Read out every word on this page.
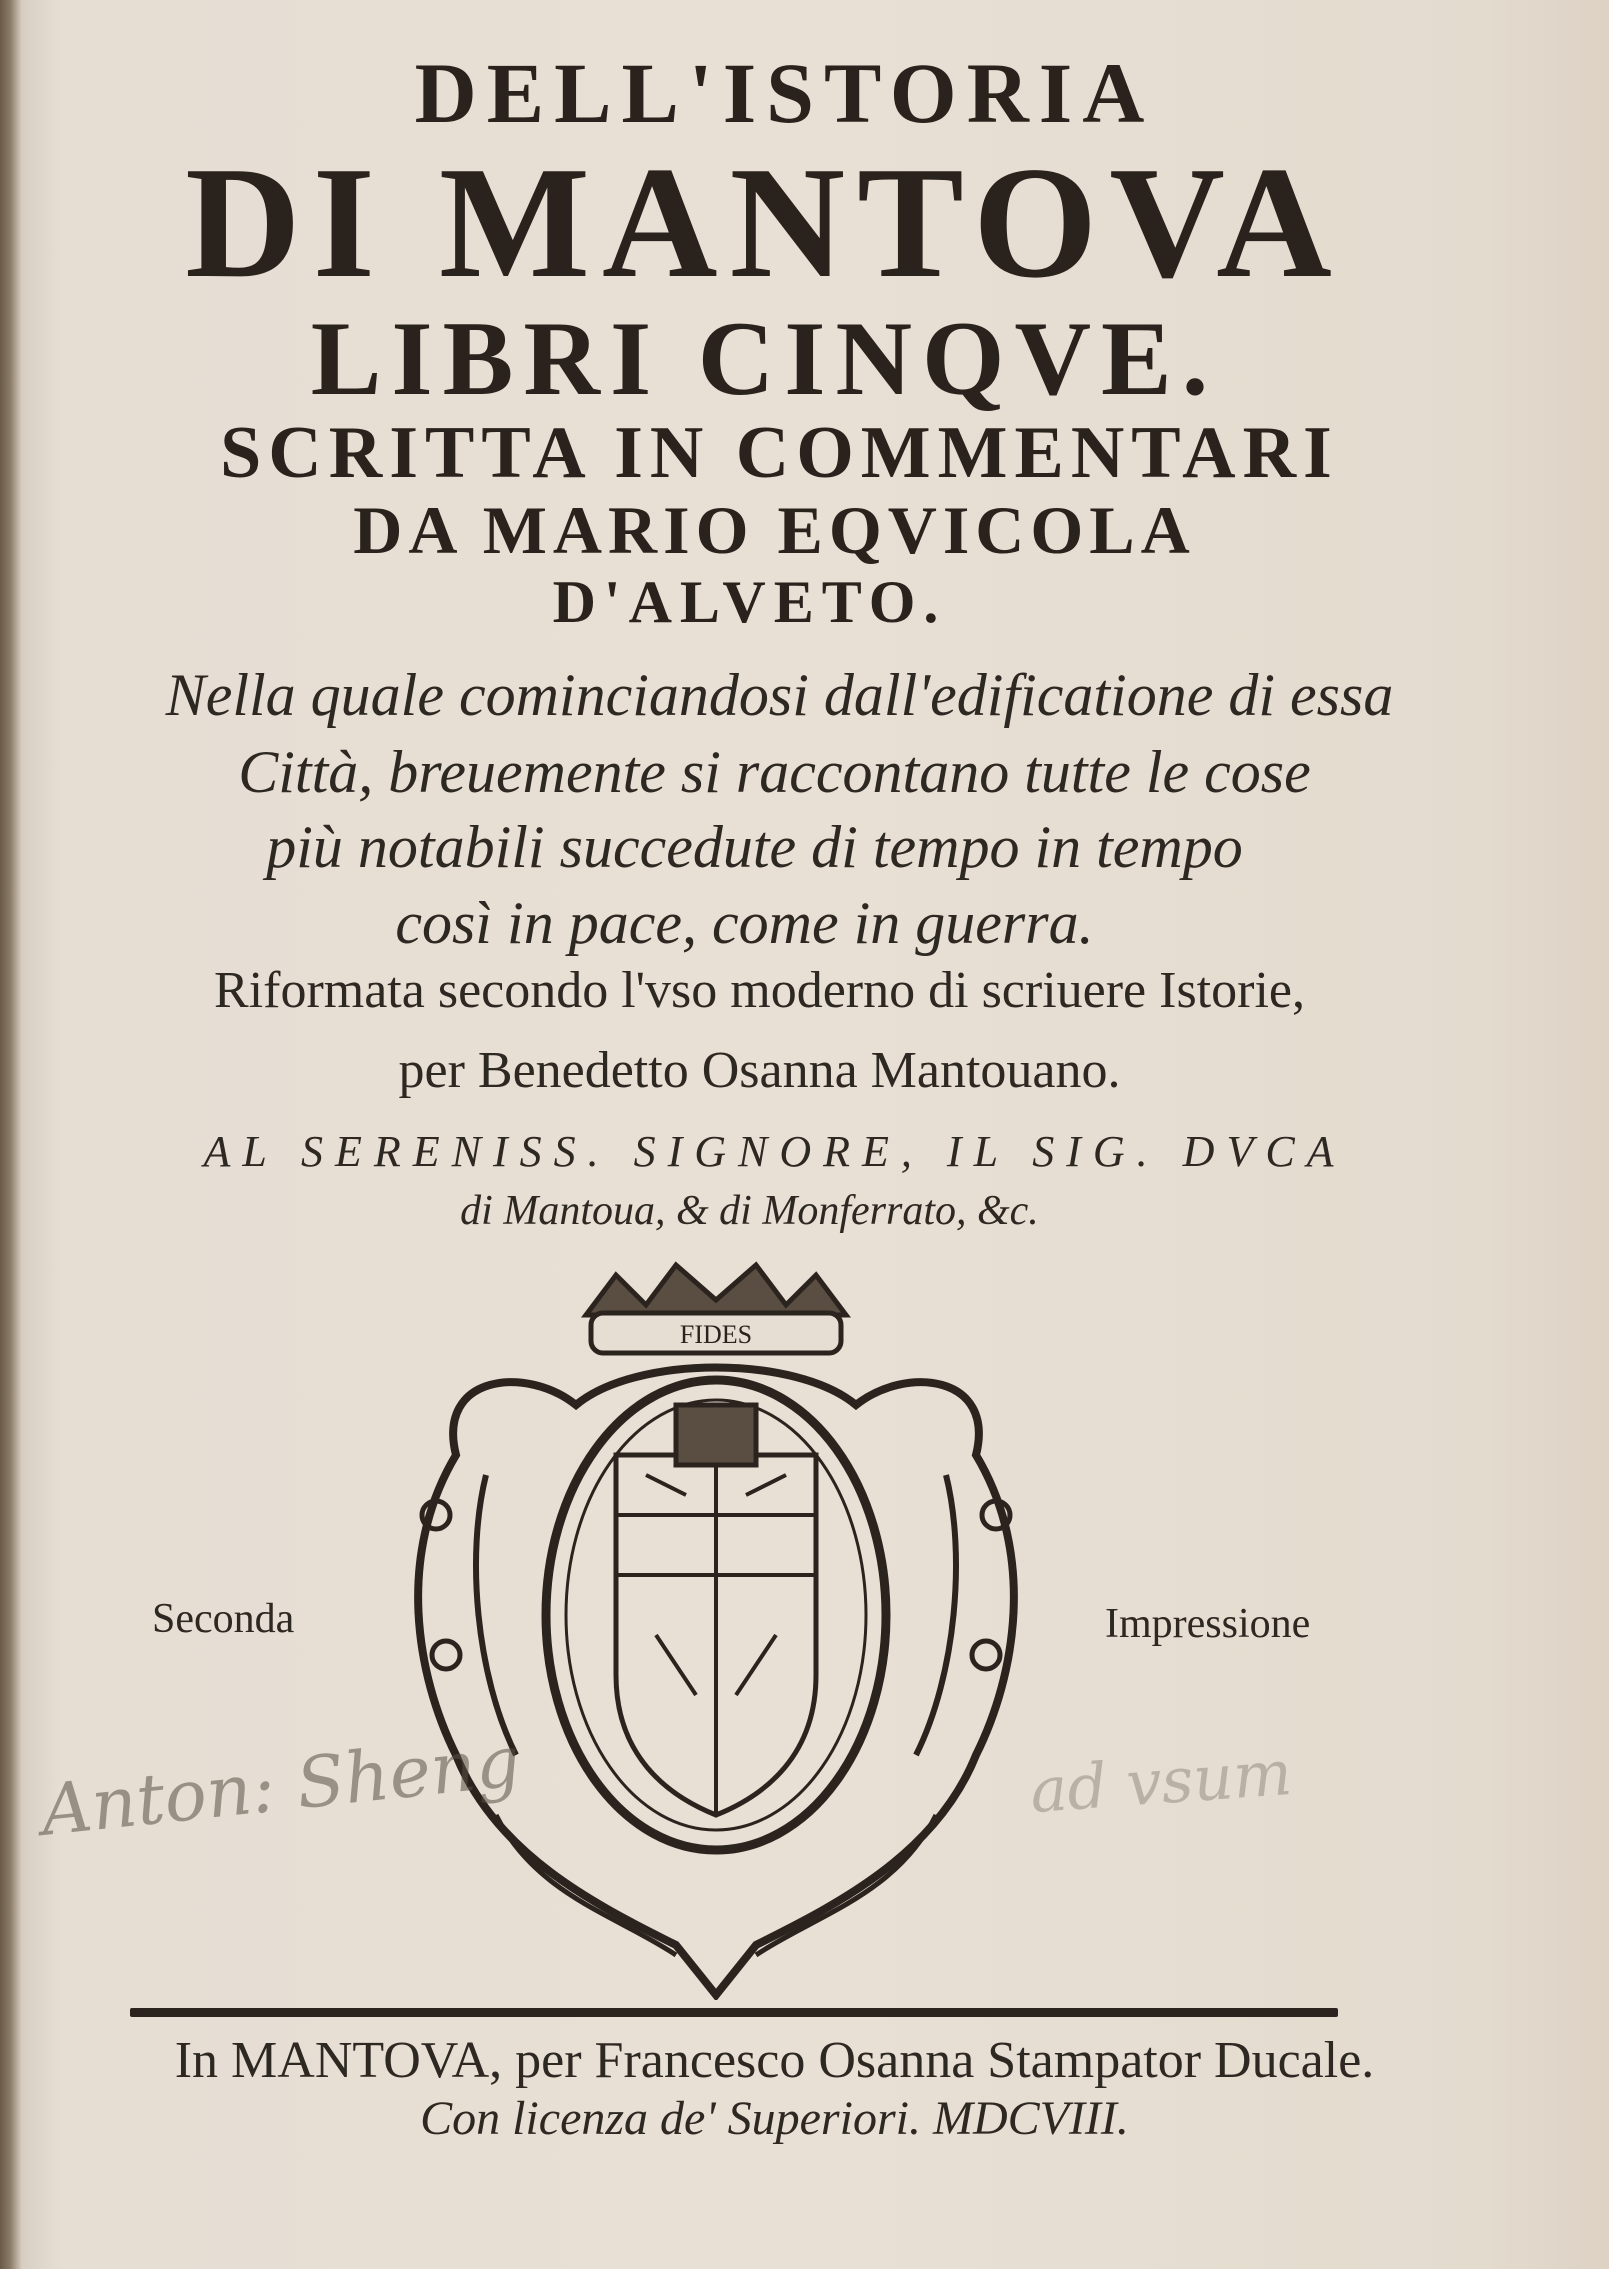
DELL'ISTORIA
DI MANTOVA
LIBRI CINQVE.
SCRITTA IN COMMENTARI
DA MARIO EQVICOLA
D'ALVETO.
Nella quale cominciandosi dall'edificatione di essa
Città, breuemente si raccontano tutte le cose
più notabili succedute di tempo in tempo
così in pace, come in guerra.
Riformata secondo l'vso moderno di scriuere Istorie,
per Benedetto Osanna Mantouano.
AL SERENISS. SIGNORE, IL SIG. DVCA
di Mantoua, & di Monferrato, &c.
FIDES
Seconda	Impressione
Anton: Sheng	ad vsum
In MANTOVA, per Francesco Osanna Stampator Ducale.
Con licenza de' Superiori. MDCVIII.
